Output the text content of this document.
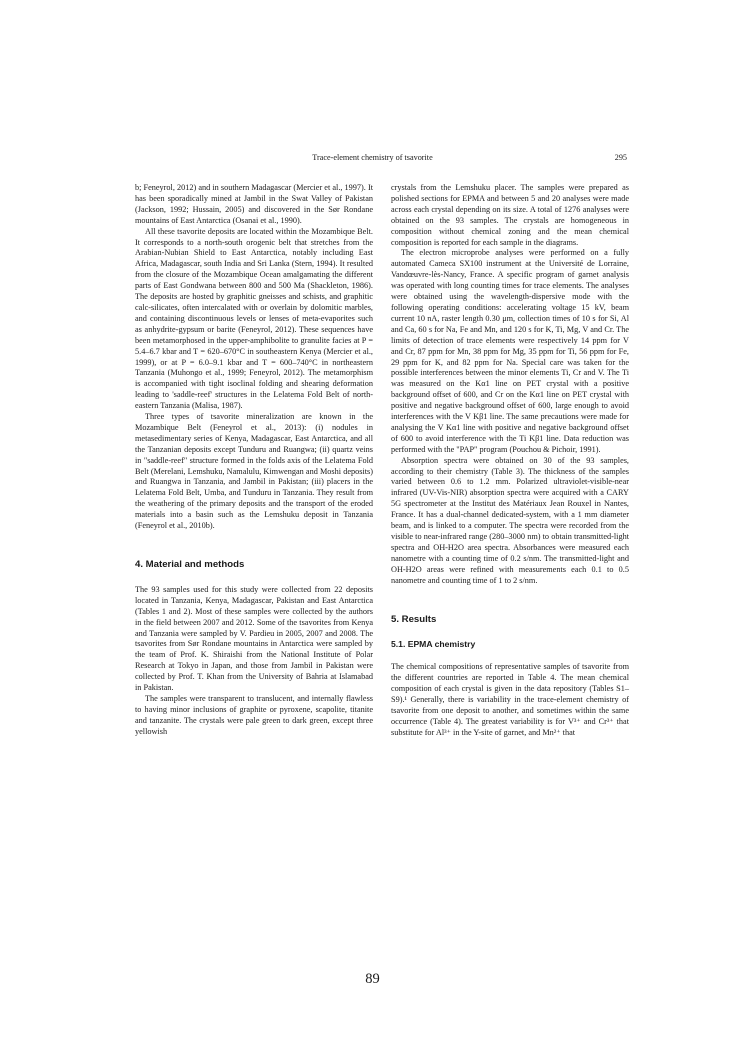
Trace-element chemistry of tsavorite	295

b; Feneyrol, 2012) and in southern Madagascar (Mercier et al., 1997). It has been sporadically mined at Jambil in the Swat Valley of Pakistan (Jackson, 1992; Hussain, 2005) and discovered in the Sør Rondane mountains of East Antarctica (Osanai et al., 1990).

All these tsavorite deposits are located within the Mozambique Belt. It corresponds to a north-south orogenic belt that stretches from the Arabian-Nubian Shield to East Antarctica, notably including East Africa, Madagascar, south India and Sri Lanka (Stern, 1994). It resulted from the closure of the Mozambique Ocean amalgamating the different parts of East Gondwana between 800 and 500 Ma (Shackleton, 1986). The deposits are hosted by graphitic gneisses and schists, and graphitic calc-silicates, often intercalated with or overlain by dolomitic marbles, and containing discontinuous levels or lenses of meta-evaporites such as anhydrite-gypsum or barite (Feneyrol, 2012). These sequences have been metamorphosed in the upper-amphibolite to granulite facies at P = 5.4–6.7 kbar and T = 620–670°C in southeastern Kenya (Mercier et al., 1999), or at P = 6.0–9.1 kbar and T = 600–740°C in northeastern Tanzania (Muhongo et al., 1999; Feneyrol, 2012). The metamorphism is accompanied with tight isoclinal folding and shearing deformation leading to 'saddle-reef' structures in the Lelatema Fold Belt of north-eastern Tanzania (Malisa, 1987).

Three types of tsavorite mineralization are known in the Mozambique Belt (Feneyrol et al., 2013): (i) nodules in metasedimentary series of Kenya, Madagascar, East Antarctica, and all the Tanzanian deposits except Tunduru and Ruangwa; (ii) quartz veins in "saddle-reef" structure formed in the folds axis of the Lelatema Fold Belt (Merelani, Lemshuku, Namalulu, Kimwengan and Moshi deposits) and Ruangwa in Tanzania, and Jambil in Pakistan; (iii) placers in the Lelatema Fold Belt, Umba, and Tunduru in Tanzania. They result from the weathering of the primary deposits and the transport of the eroded materials into a basin such as the Lemshuku deposit in Tanzania (Feneyrol et al., 2010b).

4. Material and methods

The 93 samples used for this study were collected from 22 deposits located in Tanzania, Kenya, Madagascar, Pakistan and East Antarctica (Tables 1 and 2). Most of these samples were collected by the authors in the field between 2007 and 2012. Some of the tsavorites from Kenya and Tanzania were sampled by V. Pardieu in 2005, 2007 and 2008. The tsavorites from Sør Rondane mountains in Antarctica were sampled by the team of Prof. K. Shiraishi from the National Institute of Polar Research at Tokyo in Japan, and those from Jambil in Pakistan were collected by Prof. T. Khan from the University of Bahria at Islamabad in Pakistan.

The samples were transparent to translucent, and internally flawless to having minor inclusions of graphite or pyroxene, scapolite, titanite and tanzanite. The crystals were pale green to dark green, except three yellowish

crystals from the Lemshuku placer. The samples were prepared as polished sections for EPMA and between 5 and 20 analyses were made across each crystal depending on its size. A total of 1276 analyses were obtained on the 93 samples. The crystals are homogeneous in composition without chemical zoning and the mean chemical composition is reported for each sample in the diagrams.

The electron microprobe analyses were performed on a fully automated Cameca SX100 instrument at the Université de Lorraine, Vandœuvre-lès-Nancy, France. A specific program of garnet analysis was operated with long counting times for trace elements. The analyses were obtained using the wavelength-dispersive mode with the following operating conditions: accelerating voltage 15 kV, beam current 10 nA, raster length 0.30 μm, collection times of 10 s for Si, Al and Ca, 60 s for Na, Fe and Mn, and 120 s for K, Ti, Mg, V and Cr. The limits of detection of trace elements were respectively 14 ppm for V and Cr, 87 ppm for Mn, 38 ppm for Mg, 35 ppm for Ti, 56 ppm for Fe, 29 ppm for K, and 82 ppm for Na. Special care was taken for the possible interferences between the minor elements Ti, Cr and V. The Ti was measured on the Kα1 line on PET crystal with a positive background offset of 600, and Cr on the Kα1 line on PET crystal with positive and negative background offset of 600, large enough to avoid interferences with the V Kβ1 line. The same precautions were made for analysing the V Kα1 line with positive and negative background offset of 600 to avoid interference with the Ti Kβ1 line. Data reduction was performed with the "PAP" program (Pouchou & Pichoir, 1991).

Absorption spectra were obtained on 30 of the 93 samples, according to their chemistry (Table 3). The thickness of the samples varied between 0.6 to 1.2 mm. Polarized ultraviolet-visible-near infrared (UV-Vis-NIR) absorption spectra were acquired with a CARY 5G spectrometer at the Institut des Matériaux Jean Rouxel in Nantes, France. It has a dual-channel dedicated-system, with a 1 mm diameter beam, and is linked to a computer. The spectra were recorded from the visible to near-infrared range (280–3000 nm) to obtain transmitted-light spectra and OH-H2O area spectra. Absorbances were measured each nanometre with a counting time of 0.2 s/nm. The transmitted-light and OH-H2O areas were refined with measurements each 0.1 to 0.5 nanometre and counting time of 1 to 2 s/nm.

5. Results
5.1. EPMA chemistry

The chemical compositions of representative samples of tsavorite from the different countries are reported in Table 4. The mean chemical composition of each crystal is given in the data repository (Tables S1–S9).¹ Generally, there is variability in the trace-element chemistry of tsavorite from one deposit to another, and sometimes within the same occurrence (Table 4). The greatest variability is for V³⁺ and Cr³⁺ that substitute for Al³⁺ in the Y-site of garnet, and Mn²⁺ that

89
